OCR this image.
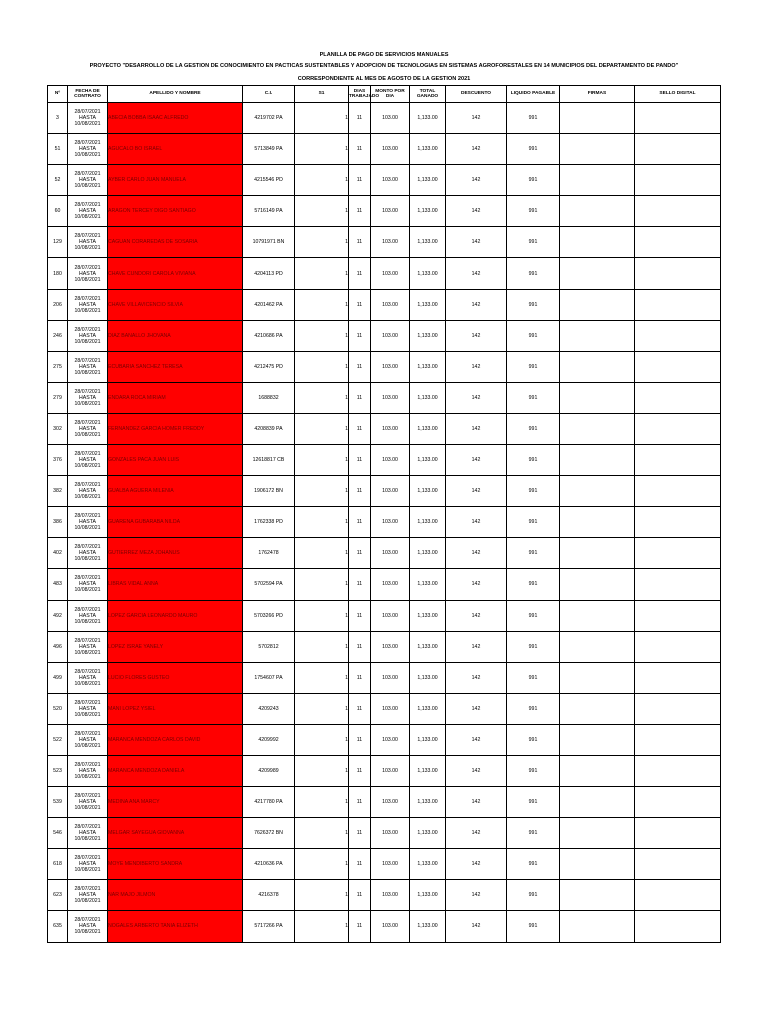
PLANILLA DE PAGO DE SERVICIOS MANUALES
PROYECTO "DESARROLLO DE LA GESTION DE CONOCIMIENTO EN PACTICAS SUSTENTABLES Y ADOPCION DE TECNOLOGIAS EN SISTEMAS AGROFORESTALES EN 14 MUNICIPIOS DEL DEPARTAMENTO DE PANDO"
CORRESPONDIENTE AL MES DE AGOSTO DE LA GESTION 2021
Nº	FECHA DE CONTRATO	APELLIDO Y NOMBRE	C.I.	S1	DIAS TRABAJADO	MONTO POR DIA	TOTAL GANADO	DESCUENTO	LIQUIDO PAGABLE	FIRMAS	SELLO DIGITAL
3	28/07/2021
HASTA
10/08/2021	ABECIA BOBBA ISAAC ALFREDO	4219702 PA	1	11	103.00	1,133.00	142	991		
51	28/07/2021
HASTA
10/08/2021	AGUCALO BO ISRAEL	5713849 PA	1	11	103.00	1,133.00	142	991		
52	28/07/2021
HASTA
10/08/2021	AYBER CARLO JUAN MANUELA	4215546 PD	1	11	103.00	1,133.00	142	991		
60	28/07/2021
HASTA
10/08/2021	ARAGON TERCEY DIGO SANTIAGO	5716149 PA	1	11	103.00	1,133.00	142	991		
129	28/07/2021
HASTA
10/08/2021	CAGUAN CORAREDAS DE SOSARIA	10791971 BN	1	11	103.00	1,133.00	142	991		
180	28/07/2021
HASTA
10/08/2021	CHAVE CUNDORI CAROLA VIVIANA	4204113 PD	1	11	103.00	1,133.00	142	991		
206	28/07/2021
HASTA
10/08/2021	CHAVE VILLAVICENCIO SILVIA	4201462 PA	1	11	103.00	1,133.00	142	991		
246	28/07/2021
HASTA
10/08/2021	DIAZ BANALLO JHOVANA	4210686 PA	1	11	103.00	1,133.00	142	991		
275	28/07/2021
HASTA
10/08/2021	ECUBARIA SANCHEZ TERESA	4212475 PD	1	11	103.00	1,133.00	142	991		
279	28/07/2021
HASTA
10/08/2021	ENDARA ROCA MIRIAM	1688832	1	11	103.00	1,133.00	142	991		
302	28/07/2021
HASTA
10/08/2021	FERNANDEZ GARCIA HOMER FREDDY	4208839 PA	1	11	103.00	1,133.00	142	991		
376	28/07/2021
HASTA
10/08/2021	GONZALES PACA JUAN LUIS	12618817 CB	1	11	103.00	1,133.00	142	991		
382	28/07/2021
HASTA
10/08/2021	GUALBA AGUERA MILENIA	1906172 BN	1	11	103.00	1,133.00	142	991		
386	28/07/2021
HASTA
10/08/2021	GUARENA GUBARABA NILDA	1762338 PD	1	11	103.00	1,133.00	142	991		
402	28/07/2021
HASTA
10/08/2021	GUTIERREZ MEZA JOHANUS	1762478	1	11	103.00	1,133.00	142	991		
483	28/07/2021
HASTA
10/08/2021	LIBRAS VIDAL ANNA	5702594 PA	1	11	103.00	1,133.00	142	991		
492	28/07/2021
HASTA
10/08/2021	LOPEZ GARCIA LEONARDO MAURO	5703266 PD	1	11	103.00	1,133.00	142	991		
496	28/07/2021
HASTA
10/08/2021	LOPEZ ISRAE YANELY	5702812	1	11	103.00	1,133.00	142	991		
499	28/07/2021
HASTA
10/08/2021	LUCIO FLORES GUSTEO	1754607 PA	1	11	103.00	1,133.00	142	991		
520	28/07/2021
HASTA
10/08/2021	MANI LOPEZ YSIEL	4209243	1	11	103.00	1,133.00	142	991		
522	28/07/2021
HASTA
10/08/2021	MARANCA MENDOZA CARLOS DAVID	4209992	1	11	103.00	1,133.00	142	991		
523	28/07/2021
HASTA
10/08/2021	MARANCA MENDOZA DANIELA	4209989	1	11	103.00	1,133.00	142	991		
539	28/07/2021
HASTA
10/08/2021	MEDINA ANA MARCY	4217780 PA	1	11	103.00	1,133.00	142	991		
546	28/07/2021
HASTA
10/08/2021	MELGAR SAYEGUA GIOVANNA	7626372 BN	1	11	103.00	1,133.00	142	991		
618	28/07/2021
HASTA
10/08/2021	MOYE MENDIBERTO SANDRA	4210636 PA	1	11	103.00	1,133.00	142	991		
623	28/07/2021
HASTA
10/08/2021	NAR MAJO JILMON	4216378	1	11	103.00	1,133.00	142	991		
635	28/07/2021
HASTA
10/08/2021	NOGALES ARBERTO TANIA ELIZETH	5717266 PA	1	11	103.00	1,133.00	142	991		
